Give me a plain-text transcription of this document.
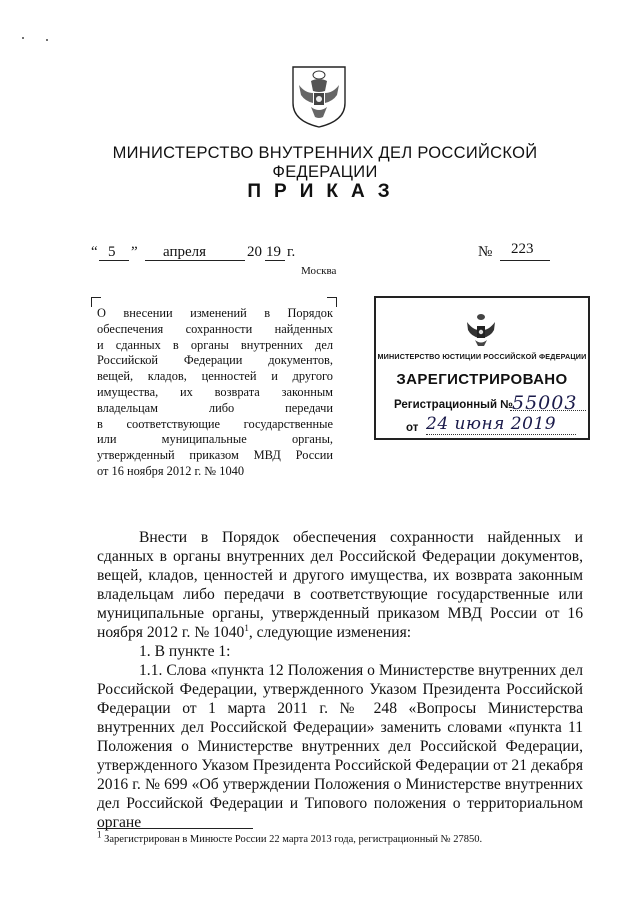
МИНИСТЕРСТВО ВНУТРЕННИХ ДЕЛ РОССИЙСКОЙ ФЕДЕРАЦИИ
ПРИКАЗ
“ 5 ” апреля	20 19 г.	№ 223
Москва
О внесении изменений в Порядок
обеспечения сохранности найденных
и сданных в органы внутренних дел
Российской Федерации документов,
вещей, кладов, ценностей и другого
имущества, их возврата законным
владельцам либо передачи
в соответствующие государственные
или муниципальные органы,
утвержденный приказом МВД России
от 16 ноября 2012 г. № 1040
МИНИСТЕРСТВО ЮСТИЦИИ РОССИЙСКОЙ ФЕДЕРАЦИИ
ЗАРЕГИСТРИРОВАНО
Регистрационный №
55003
от 24 июня 2019

Внести в Порядок обеспечения сохранности найденных и сданных в органы внутренних дел Российской Федерации документов, вещей, кладов, ценностей и другого имущества, их возврата законным владельцам либо передачи в соответствующие государственные или муниципальные органы, утвержденный приказом МВД России от 16 ноября 2012 г. № 1040$^1$, следующие изменения:

1. В пункте 1:

1.1. Слова «пункта 12 Положения о Министерстве внутренних дел Российской Федерации, утвержденного Указом Президента Российской Федерации от 1 марта 2011 г. № 248 «Вопросы Министерства внутренних дел Российской Федерации» заменить словами «пункта 11 Положения о Министерстве внутренних дел Российской Федерации, утвержденного Указом Президента Российской Федерации от 21 декабря 2016 г. № 699 «Об утверждении Положения о Министерстве внутренних дел Российской Федерации и Типового положения о территориальном органе

$^1$ Зарегистрирован в Минюсте России 22 марта 2013 года, регистрационный № 27850.
